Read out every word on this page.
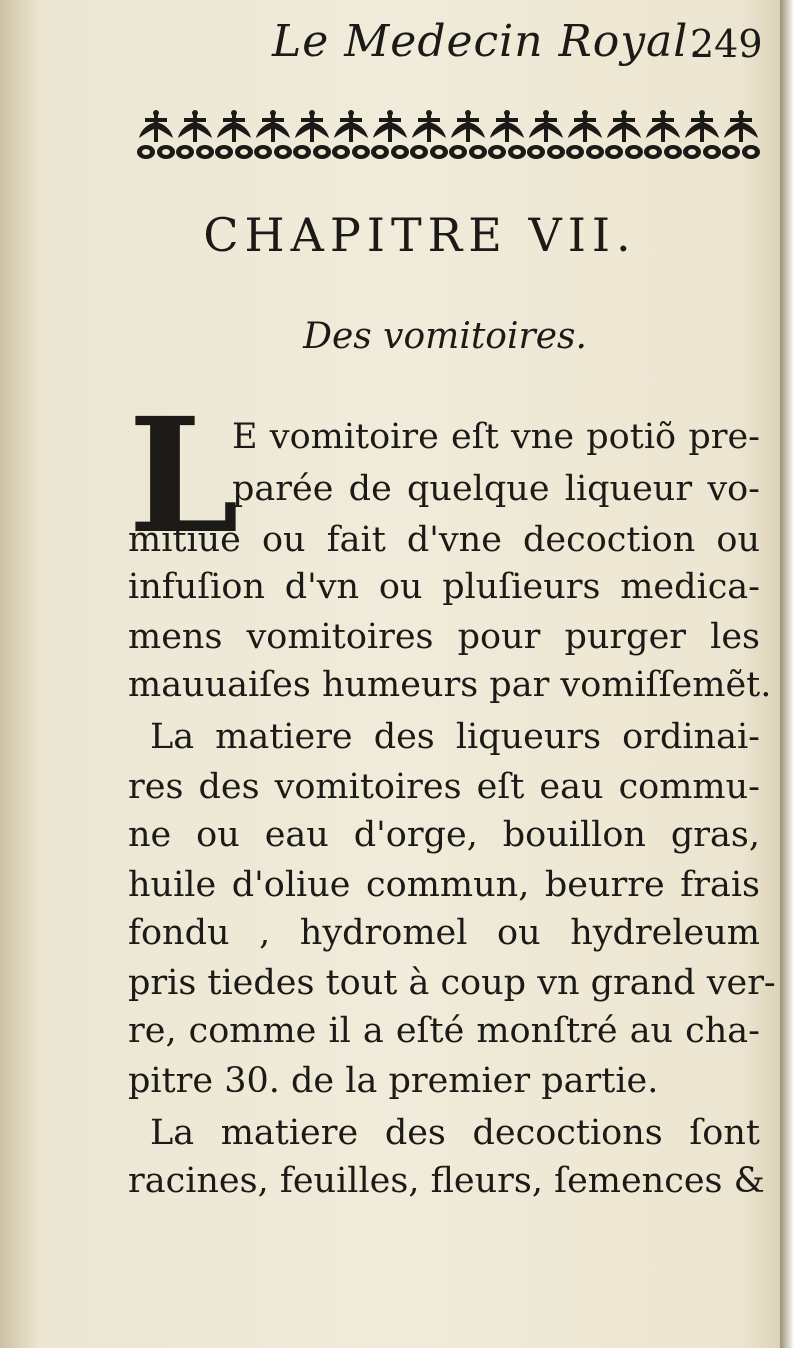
Le Medecin Royal.
249
CHAPITRE VII.
Des vomitoires.
L
E vomitoire eſt vne potiõ pre-
parée de quelque liqueur vo-
mitiue ou fait d'vne decoction ou
infuſion d'vn ou pluſieurs medica-
mens vomitoires pour purger les
mauuaiſes humeurs par vomiſſemẽt.
La matiere des liqueurs ordinai-
res des vomitoires eſt eau commu-
ne ou eau d'orge, bouillon gras,
huile d'oliue commun, beurre frais
fondu , hydromel ou hydreleum
pris tiedes tout à coup vn grand ver-
re, comme il a eſté monſtré au cha-
pitre 30. de la premier partie.
La matiere des decoctions ſont
racines, feuilles, fleurs, ſemences &
